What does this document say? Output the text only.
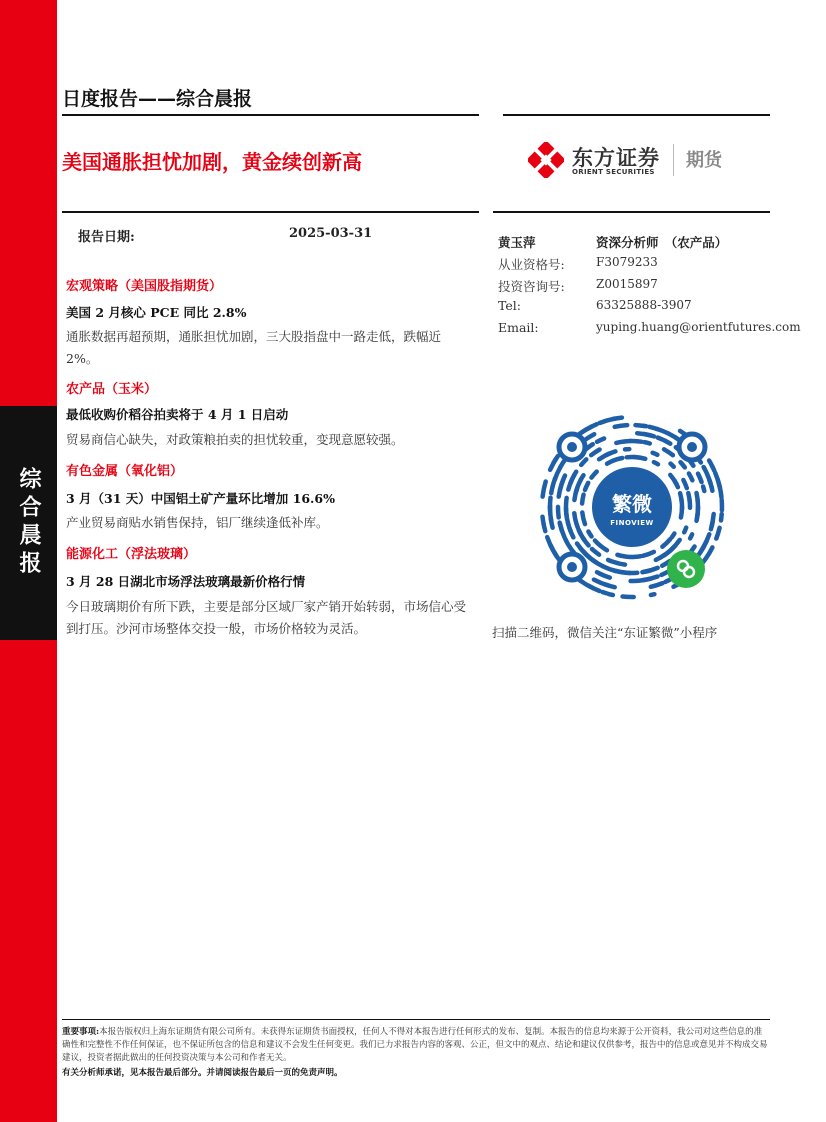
综合晨报
日度报告——综合晨报
美国通胀担忧加剧，黄金续创新高	东方证券
ORIENT SECURITIES
期货
报告日期:	2025-03-31
宏观策略（美国股指期货）
美国 2 月核心 PCE 同比 2.8%
通胀数据再超预期，通胀担忧加剧，三大股指盘中一路走低，跌幅近 2%。
农产品（玉米）
最低收购价稻谷拍卖将于 4 月 1 日启动
贸易商信心缺失，对政策粮拍卖的担忧较重，变现意愿较强。
有色金属（氧化铝）
3 月（31 天）中国铝土矿产量环比增加 16.6%
产业贸易商贴水销售保持，铝厂继续逢低补库。
能源化工（浮法玻璃）
3 月 28 日湖北市场浮法玻璃最新价格行情
今日玻璃期价有所下跌，主要是部分区域厂家产销开始转弱，市场信心受到打压。沙河市场整体交投一般，市场价格较为灵活。
黄玉萍	资深分析师　（农产品）
从业资格号:	F3079233
投资咨询号:	Z0015897
Tel:	63325888-3907
Email:	yuping.huang@orientfutures.com
繁微
FINOVIEW
扫描二维码，微信关注“东证繁微”小程序
重要事项:本报告版权归上海东证期货有限公司所有。未获得东证期货书面授权，任何人不得对本报告进行任何形式的发布、复制。本报告的信息均来源于公开资料，我公司对这些信息的准确性和完整性不作任何保证，也不保证所包含的信息和建议不会发生任何变更。我们已力求报告内容的客观、公正，但文中的观点、结论和建议仅供参考，报告中的信息或意见并不构成交易建议，投资者据此做出的任何投资决策与本公司和作者无关。
有关分析师承诺，见本报告最后部分。并请阅读报告最后一页的免责声明。
